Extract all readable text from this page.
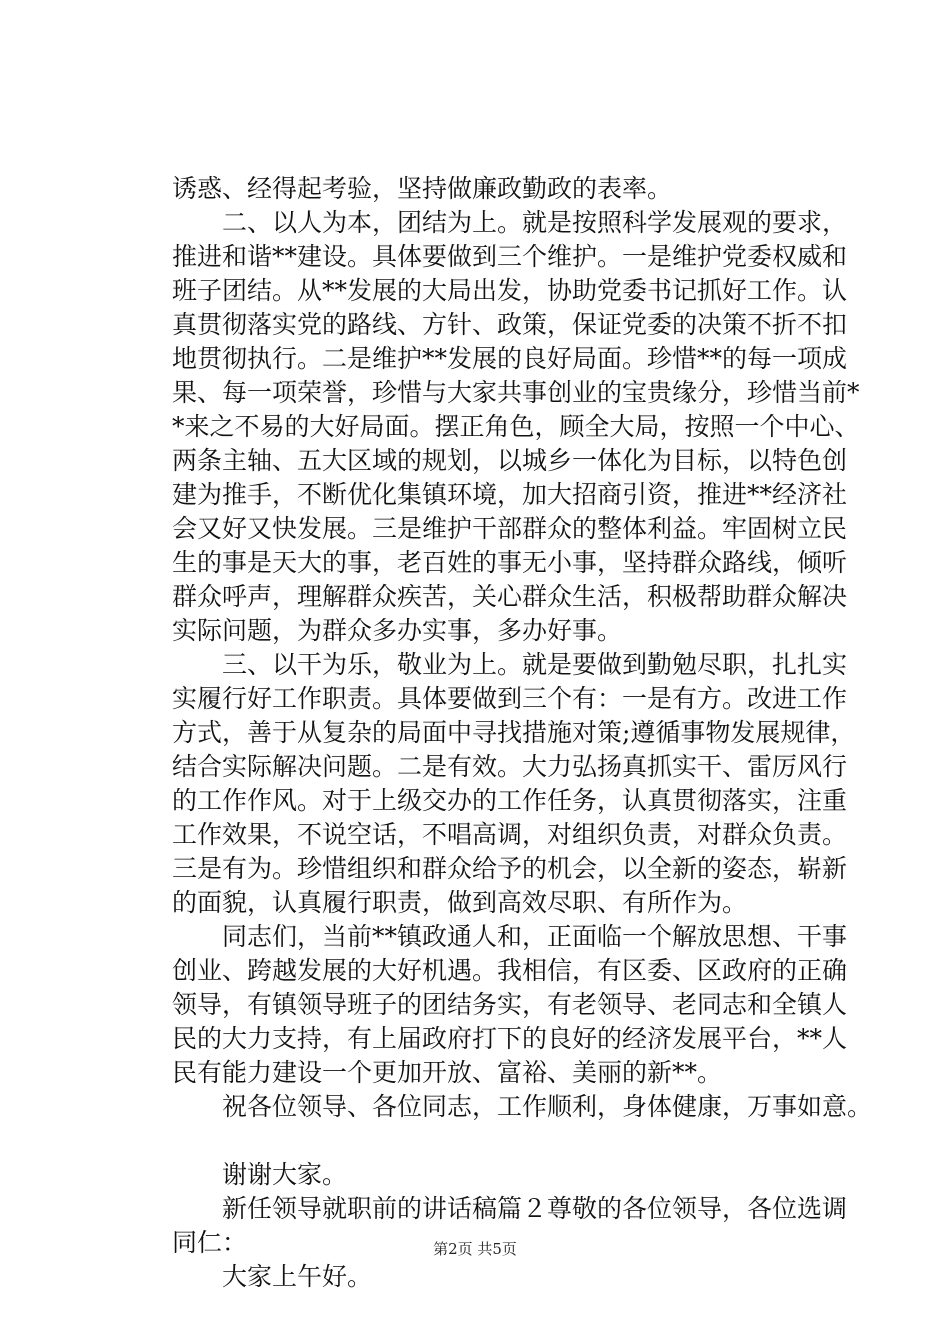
诱惑、经得起考验，坚持做廉政勤政的表率。
　　二、以人为本，团结为上。就是按照科学发展观的要求，
推进和谐**建设。具体要做到三个维护。一是维护党委权威和
班子团结。从**发展的大局出发，协助党委书记抓好工作。认
真贯彻落实党的路线、方针、政策，保证党委的决策不折不扣
地贯彻执行。二是维护**发展的良好局面。珍惜**的每一项成
果、每一项荣誉，珍惜与大家共事创业的宝贵缘分，珍惜当前*
*来之不易的大好局面。摆正角色，顾全大局，按照一个中心、
两条主轴、五大区域的规划，以城乡一体化为目标，以特色创
建为推手，不断优化集镇环境，加大招商引资，推进**经济社
会又好又快发展。三是维护干部群众的整体利益。牢固树立民
生的事是天大的事，老百姓的事无小事，坚持群众路线，倾听
群众呼声，理解群众疾苦，关心群众生活，积极帮助群众解决
实际问题，为群众多办实事，多办好事。
　　三、以干为乐，敬业为上。就是要做到勤勉尽职，扎扎实
实履行好工作职责。具体要做到三个有：一是有方。改进工作
方式，善于从复杂的局面中寻找措施对策;遵循事物发展规律，
结合实际解决问题。二是有效。大力弘扬真抓实干、雷厉风行
的工作作风。对于上级交办的工作任务，认真贯彻落实，注重
工作效果，不说空话，不唱高调，对组织负责，对群众负责。
三是有为。珍惜组织和群众给予的机会，以全新的姿态，崭新
的面貌，认真履行职责，做到高效尽职、有所作为。
　　同志们，当前**镇政通人和，正面临一个解放思想、干事
创业、跨越发展的大好机遇。我相信，有区委、区政府的正确
领导，有镇领导班子的团结务实，有老领导、老同志和全镇人
民的大力支持，有上届政府打下的良好的经济发展平台，**人
民有能力建设一个更加开放、富裕、美丽的新**。
　　祝各位领导、各位同志，工作顺利，身体健康，万事如意。
　　谢谢大家。
　　新任领导就职前的讲话稿篇２尊敬的各位领导，各位选调
同仁：
　　大家上午好。
第2页 共5页
